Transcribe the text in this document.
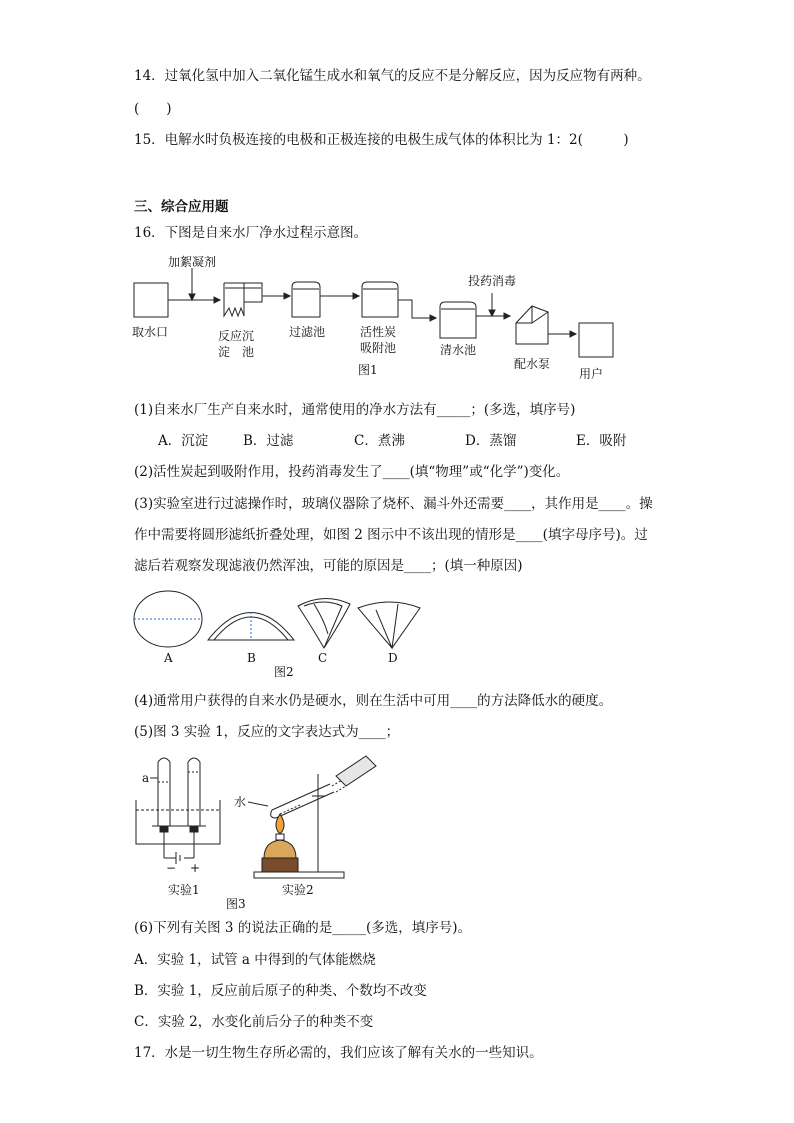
14．过氧化氢中加入二氧化锰生成水和氧气的反应不是分解反应，因为反应物有两种。
(　　)
15．电解水时负极连接的电极和正极连接的电极生成气体的体积比为 1：2(　　　)
三、综合应用题
16．下图是自来水厂净水过程示意图。
取水口
加絮凝剂
反应沉
淀　池
过滤池	活性炭
吸附池	清水池
投药消毒
配水泵
用户
图1
(1)自来水厂生产自来水时，通常使用的净水方法有_____；(多选，填序号)
A．沉淀	B．过滤	C．煮沸	D．蒸馏	E．吸附
(2)活性炭起到吸附作用，投药消毒发生了____(填“物理”或“化学”)变化。
(3)实验室进行过滤操作时，玻璃仪器除了烧杯、漏斗外还需要____，其作用是____。操
作中需要将圆形滤纸折叠处理，如图 2 图示中不该出现的情形是____(填字母序号)。过
滤后若观察发现滤液仍然浑浊，可能的原因是____；(填一种原因)
A	B	C	D
图2
(4)通常用户获得的自来水仍是硬水，则在生活中可用____的方法降低水的硬度。
(5)图 3 实验 1，反应的文字表达式为____；
a
水
− +
实验1	实验2
图3
(6)下列有关图 3 的说法正确的是_____(多选，填序号)。
A．实验 1，试管 a 中得到的气体能燃烧
B．实验 1，反应前后原子的种类、个数均不改变
C．实验 2，水变化前后分子的种类不变
17．水是一切生物生存所必需的，我们应该了解有关水的一些知识。
